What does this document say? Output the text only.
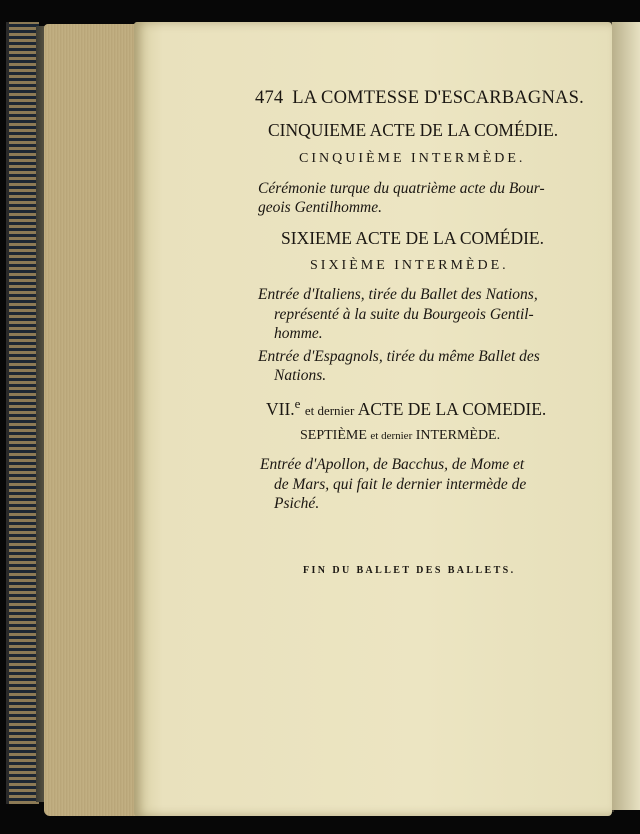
474 LA COMTESSE D'ESCARBAGNAS.
CINQUIEME ACTE DE LA COMÉDIE.
CINQUIÈME INTERMÈDE.
Cérémonie turque du quatrième acte du Bour-
geois Gentilhomme.
SIXIEME ACTE DE LA COMÉDIE.
SIXIÈME INTERMÈDE.
Entrée d'Italiens, tirée du Ballet des Nations,
représenté à la suite du Bourgeois Gentil-
homme.
Entrée d'Espagnols, tirée du même Ballet des
Nations.
VII.$^e$ et dernier ACTE DE LA COMEDIE.
SEPTIÈME et dernier INTERMÈDE.
Entrée d'Apollon, de Bacchus, de Mome et
de Mars, qui fait le dernier intermède de
Psiché.
FIN DU BALLET DES BALLETS.
